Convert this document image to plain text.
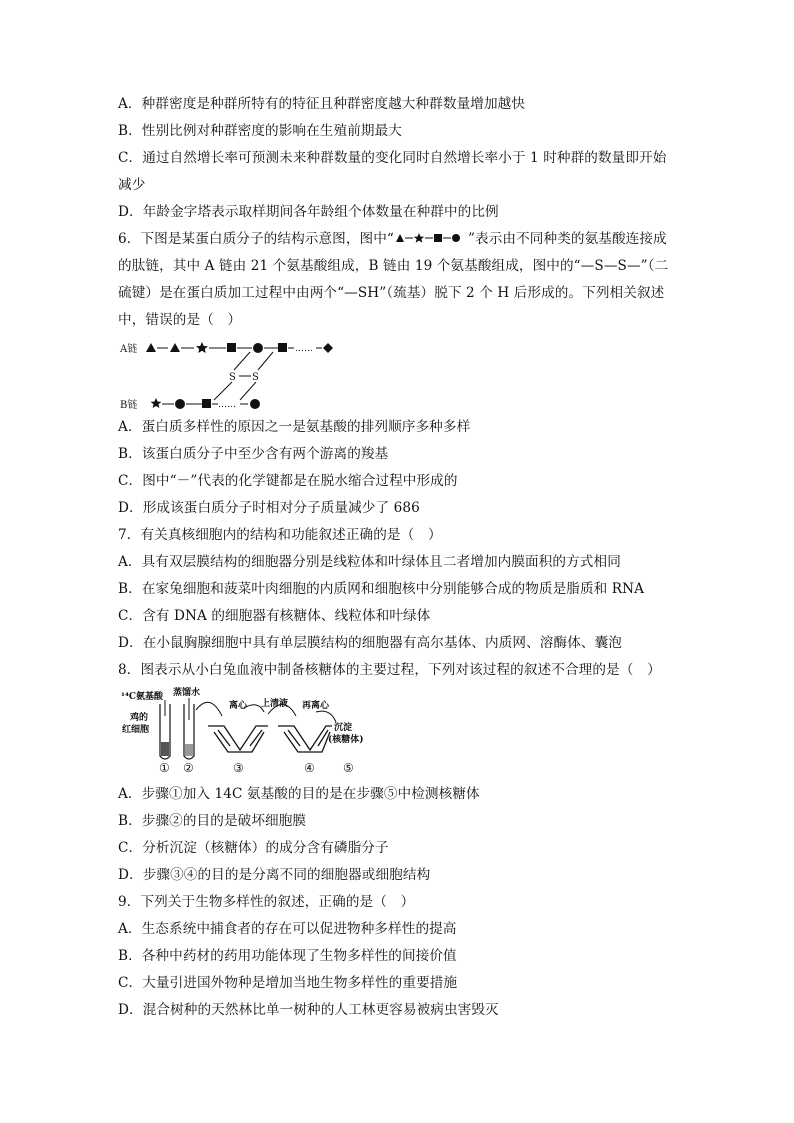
A．种群密度是种群所特有的特征且种群密度越大种群数量增加越快
B．性别比例对种群密度的影响在生殖前期最大
C．通过自然增长率可预测未来种群数量的变化同时自然增长率小于 1 时种群的数量即开始
减少
D．年龄金字塔表示取样期间各年龄组个体数量在种群中的比例
6．下图是某蛋白质分子的结构示意图，图中“	”表示由不同种类的氨基酸连接成
的肽链，其中 A 链由 21 个氨基酸组成，B 链由 19 个氨基酸组成，图中的“—S—S—”（二
硫键）是在蛋白质加工过程中由两个“—SH”（巯基）脱下 2 个 H 后形成的。下列相关叙述
中，错误的是（　）
A链	……
S S
B链	……
A．蛋白质多样性的原因之一是氨基酸的排列顺序多种多样
B．该蛋白质分子中至少含有两个游离的羧基
C．图中“－”代表的化学键都是在脱水缩合过程中形成的
D．形成该蛋白质分子时相对分子质量减少了 686
7．有关真核细胞内的结构和功能叙述正确的是（　）
A．具有双层膜结构的细胞器分别是线粒体和叶绿体且二者增加内膜面积的方式相同
B．在家兔细胞和菠菜叶肉细胞的内质网和细胞核中分别能够合成的物质是脂质和 RNA
C．含有 DNA 的细胞器有核糖体、线粒体和叶绿体
D．在小鼠胸腺细胞中具有单层膜结构的细胞器有高尔基体、内质网、溶酶体、囊泡
8．图表示从小白兔血液中制备核糖体的主要过程，下列对该过程的叙述不合理的是（　）
¹⁴C氨基酸 蒸馏水
鸡的
红细胞
离心 上清液 再离心
沉淀
(核糖体)
① ②	③	④ ⑤
A．步骤①加入 14C 氨基酸的目的是在步骤⑤中检测核糖体
B．步骤②的目的是破坏细胞膜
C．分析沉淀（核糖体）的成分含有磷脂分子
D．步骤③④的目的是分离不同的细胞器或细胞结构
9．下列关于生物多样性的叙述，正确的是（　）
A．生态系统中捕食者的存在可以促进物种多样性的提高
B．各种中药材的药用功能体现了生物多样性的间接价值
C．大量引进国外物种是增加当地生物多样性的重要措施
D．混合树种的天然林比单一树种的人工林更容易被病虫害毁灭
